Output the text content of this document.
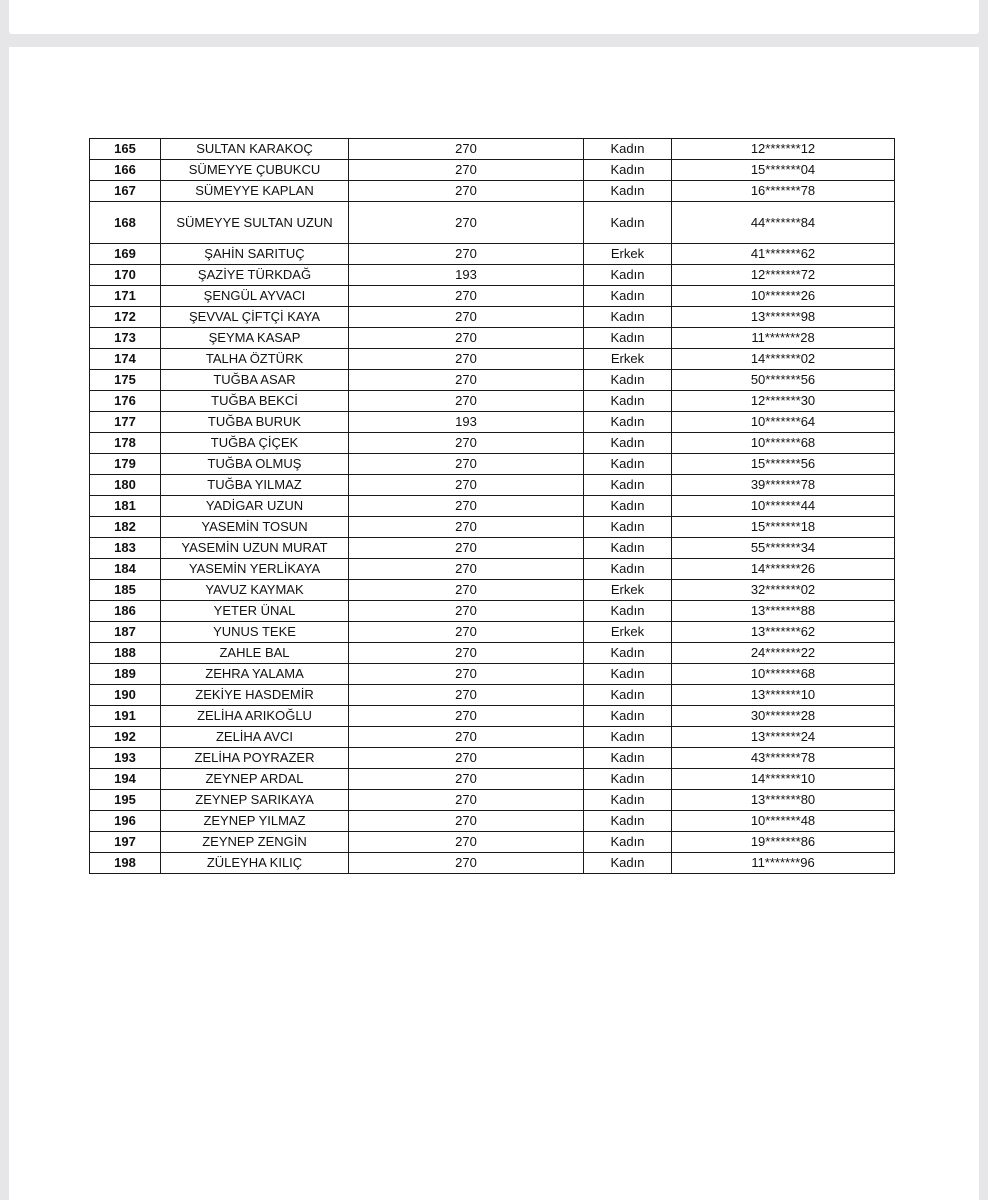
165	SULTAN KARAKOÇ	270	Kadın	12*******12
166	SÜMEYYE ÇUBUKCU	270	Kadın	15*******04
167	SÜMEYYE KAPLAN	270	Kadın	16*******78
168	SÜMEYYE SULTAN UZUN	270	Kadın	44*******84
169	ŞAHİN SARITUÇ	270	Erkek	41*******62
170	ŞAZİYE TÜRKDAĞ	193	Kadın	12*******72
171	ŞENGÜL AYVACI	270	Kadın	10*******26
172	ŞEVVAL ÇİFTÇİ KAYA	270	Kadın	13*******98
173	ŞEYMA KASAP	270	Kadın	11*******28
174	TALHA ÖZTÜRK	270	Erkek	14*******02
175	TUĞBA ASAR	270	Kadın	50*******56
176	TUĞBA BEKCİ	270	Kadın	12*******30
177	TUĞBA BURUK	193	Kadın	10*******64
178	TUĞBA ÇİÇEK	270	Kadın	10*******68
179	TUĞBA OLMUŞ	270	Kadın	15*******56
180	TUĞBA YILMAZ	270	Kadın	39*******78
181	YADİGAR UZUN	270	Kadın	10*******44
182	YASEMİN TOSUN	270	Kadın	15*******18
183	YASEMİN UZUN MURAT	270	Kadın	55*******34
184	YASEMİN YERLİKAYA	270	Kadın	14*******26
185	YAVUZ KAYMAK	270	Erkek	32*******02
186	YETER ÜNAL	270	Kadın	13*******88
187	YUNUS TEKE	270	Erkek	13*******62
188	ZAHLE BAL	270	Kadın	24*******22
189	ZEHRA YALAMA	270	Kadın	10*******68
190	ZEKİYE HASDEMİR	270	Kadın	13*******10
191	ZELİHA ARIKOĞLU	270	Kadın	30*******28
192	ZELİHA AVCI	270	Kadın	13*******24
193	ZELİHA POYRAZER	270	Kadın	43*******78
194	ZEYNEP ARDAL	270	Kadın	14*******10
195	ZEYNEP SARIKAYA	270	Kadın	13*******80
196	ZEYNEP YILMAZ	270	Kadın	10*******48
197	ZEYNEP ZENGİN	270	Kadın	19*******86
198	ZÜLEYHA KILIÇ	270	Kadın	11*******96
